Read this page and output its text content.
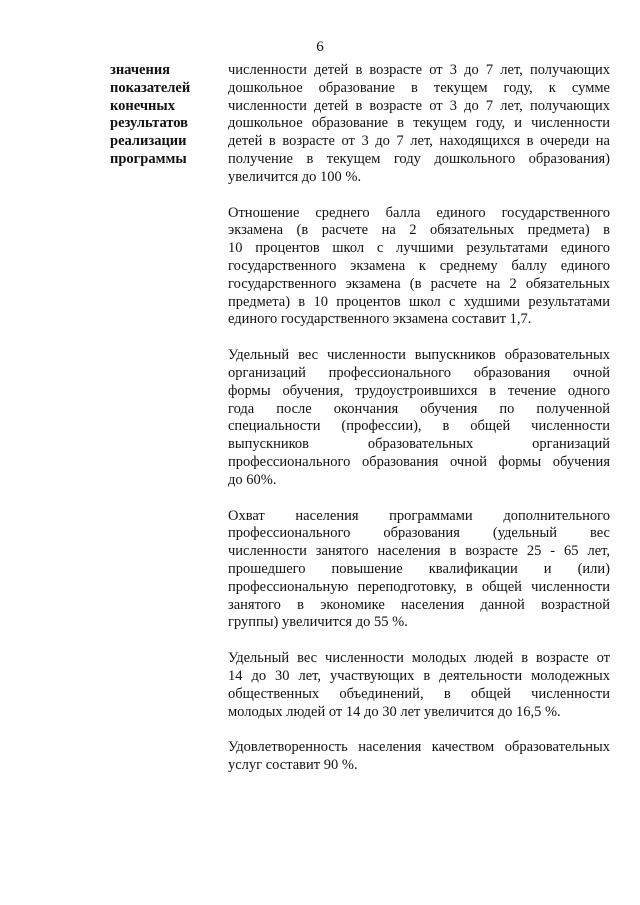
6
значения
показателей
конечных
результатов
реализации
программы
численности детей в возрасте от 3 до 7 лет, получающих
дошкольное образование в текущем году, к сумме
численности детей в возрасте от 3 до 7 лет, получающих
дошкольное образование в текущем году, и численности
детей в возрасте от 3 до 7 лет, находящихся в очереди на
получение в текущем году дошкольного образования)
увеличится до 100 %.
Отношение среднего балла единого государственного
экзамена (в расчете на 2 обязательных предмета) в
10 процентов школ с лучшими результатами единого
государственного экзамена к среднему баллу единого
государственного экзамена (в расчете на 2 обязательных
предмета) в 10 процентов школ с худшими результатами
единого государственного экзамена составит 1,7.
Удельный вес численности выпускников образовательных
организаций профессионального образования очной
формы обучения, трудоустроившихся в течение одного
года после окончания обучения по полученной
специальности (профессии), в общей численности
выпускников образовательных организаций
профессионального образования очной формы обучения
до 60%.
Охват населения программами дополнительного
профессионального образования (удельный вес
численности занятого населения в возрасте 25 - 65 лет,
прошедшего повышение квалификации и (или)
профессиональную переподготовку, в общей численности
занятого в экономике населения данной возрастной
группы) увеличится до 55 %.
Удельный вес численности молодых людей в возрасте от
14 до 30 лет, участвующих в деятельности молодежных
общественных объединений, в общей численности
молодых людей от 14 до 30 лет увеличится до 16,5 %.
Удовлетворенность населения качеством образовательных
услуг составит 90 %.
